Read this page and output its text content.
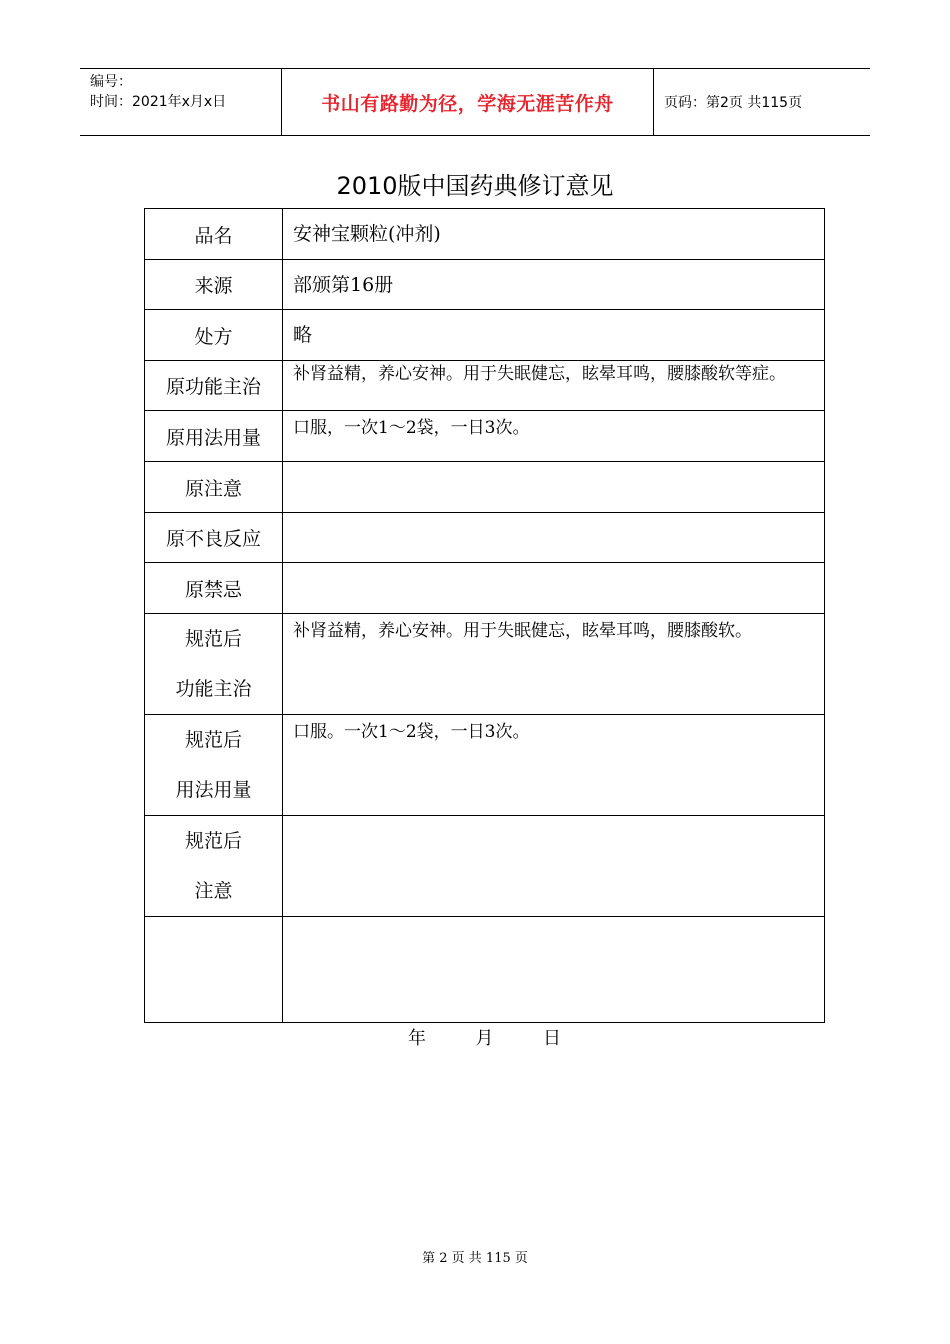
编号：
时间：2021年x月x日	书山有路勤为径，学海无涯苦作舟	页码：第2页 共115页
2010版中国药典修订意见
品名	安神宝颗粒(冲剂)
来源	部颁第16册
处方	略
原功能主治	补肾益精，养心安神。用于失眠健忘，眩晕耳鸣，腰膝酸软等症。
原用法用量	口服，一次1～2袋，一日3次。
原注意	
原不良反应	
原禁忌	

规范后
功能主治	补肾益精，养心安神。用于失眠健忘，眩晕耳鸣，腰膝酸软。

规范后
用法用量	口服。一次1～2袋，一日3次。

规范后
注意	

年	月	日
第 2 页 共 115 页
